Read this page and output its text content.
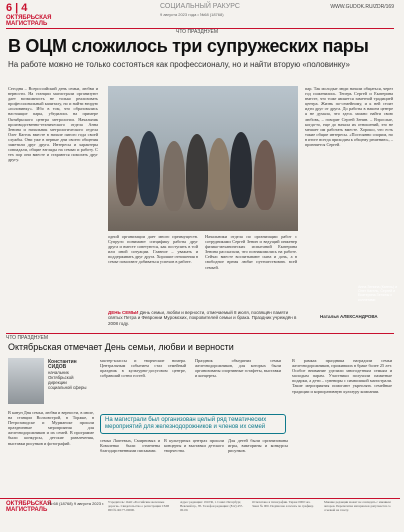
6 | 4
ОКТЯБРЬСКАЯ
МАГИСТРАЛЬ
СОЦИАЛЬНЫЙ РАКУРС
9 августа 2023 года • №68 (18768)
WWW.GUDOK.RU/ZDR/169
ЧТО ПРАЗДНУЕМ
В ОЦМ сложилось три супружеских пары
На работе можно не только состояться как профессионалу, но и найти вторую «половинку»
Сегодня – Всероссийский день семьи, любви и верности. На станции магистрали организуют дает возможность не только реализовать профессиональный капиталу, но и найти вторую «половинку». Ибо в том, что образовались настоящие пары, убедились на примере Октябрьского центра метрологии. Начальник производственно-технического отдела Анна Зенина и начальник метрологического отдела Олег Кагель вместе в начале пятого года своей службы. Они уже в первые дни своего общения заметили друг друга. Интересы и характеры совпадали, общие взгляды на семью и работу. С тех пор они вместе и стараются помогать друг другу.
Анна Зенина (Кагель) и Олег Кагель, Сергей и Екатерина Зенины с коллегами
одной организации дает много преимуществ. Супруги понимают специфику работы друг друга и вместе советуются, как поступить в той или иной ситуации. Главное – уважать и поддерживать друг друга. Хорошие отношения в семье помогают добиваться успехов в работе.
Начальники отдела по организации работ с сотрудниками Сергей Зенин и ведущий инженер физико-механических испытаний Екатерина Зенина рассказали, что познакомились на работе. Сейчас вместе воспитывают сына и дочь, а в свободное время любят путешествовать всей семьей.
пар. Так молодые люди начали общаться, через год поженились. Теперь Сергей и Екатерина вместе, что тоже является заметной традицией центра. Жизнь по-семейному, и к ней стоит идти друг от друга. До работы в нашем центре я не думала, что здесь можно найти свою любовь, – говорит Сергей Зенин. – Взрослые, когда-то, еще до начала их отношений, это не мешает им работать вместе. Хорошо, что есть такие общие интересы. «Постоянно спорим, но в итоге всегда приходим к общему решению», – признается Сергей.
ДЕНЬ СЕМЬИ День семьи, любви и верности, отмечаемый 8 июля, посвящён памяти святых Петра и Февронии Муромских, покровителей семьи и брака. Праздник учреждён в 2008 году.
Наталья АЛЕКСАНДРОВА
ЧТО ПРАЗДНУЕМ
Октябрьская отмечает День семьи, любви и верности
Константин СИДОВ
начальник Октябрьской дирекции социальной сферы
В канун Дня семьи, любви и верности, в июле, на станции Волховстрой, в Торжке, в Петрозаводске и Мурманске прошли праздничные мероприятия для железнодорожников и их семей. В программе были конкурсы, детские развлечения, выставки рисунков и фотографий.
мастер-классы и творческие номера. Центральным событием стал семейный праздник в культурно-досуговом центре, собравший сотни гостей.
Праздник объединил семьи железнодорожников, для которых были организованы спортивные эстафеты, выставки и концерты.
В рамках праздника наградили семьи железнодорожников, проживших в браке более 25 лет. Особое внимание уделили многодетным семьям и молодым парам. Участники получили памятные подарки, а дети – сувениры с символикой магистрали. Такие мероприятия помогают укреплять семейные традиции и корпоративную культуру компании.
На магистрали был организован целый ряд тематических мероприятий для железнодорожников и членов их семей
семьи Лаптевых, Смирновых и Коваленко были отмечены благодарственными письмами.
В культурных центрах прошли концерты и выставки детского творчества.
Для детей были организованы игры, викторины и конкурсы рисунков.
ОКТЯБРЬСКАЯ
МАГИСТРАЛЬ
№ 68 (18768) 9 августа 2023 г. Учредитель: ОАО «Российские железные дороги». Свидетельство о регистрации СМИ ПИ № ФС77-00000.
Адрес редакции: 191036, г. Санкт-Петербург, Невский пр., 85. Телефон редакции: (812) 457-00-00.
Отпечатано в типографии. Тираж 0000 экз. Заказ № 000. Подписано в печать по графику.
Мнение редакции может не совпадать с мнением авторов. Перепечатка материалов допускается со ссылкой на газету.
